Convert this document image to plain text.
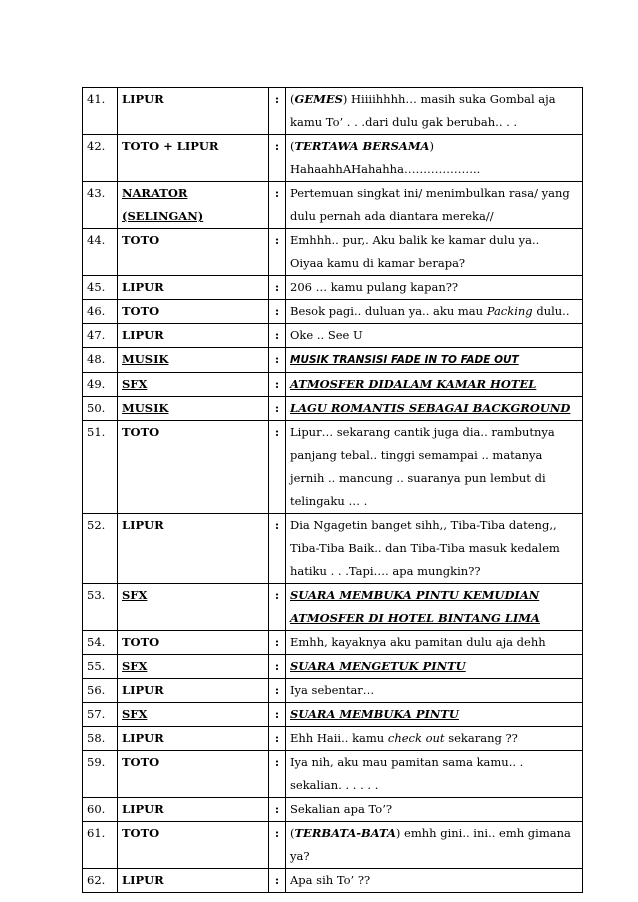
41.	LIPUR	:	(GEMES) Hiiiihhhh… masih suka Gombal aja kamu To’ . . .dari dulu gak berubah.. . .
42.	TOTO + LIPUR	:	(TERTAWA BERSAMA) HahaahhAHahahha………………..
43.	NARATOR (SELINGAN)	:	Pertemuan singkat ini/ menimbulkan rasa/ yang dulu pernah ada diantara mereka//
44.	TOTO	:	Emhhh.. pur,. Aku balik ke kamar dulu ya..
Oiyaa kamu di kamar berapa?
45.	LIPUR	:	206 … kamu pulang kapan??
46.	TOTO	:	Besok pagi.. duluan ya.. aku mau Packing dulu..
47.	LIPUR	:	Oke .. See U
48.	MUSIK	:	MUSIK TRANSISI FADE IN TO FADE OUT
49.	SFX	:	ATMOSFER DIDALAM KAMAR HOTEL
50.	MUSIK	:	LAGU ROMANTIS SEBAGAI BACKGROUND
51.	TOTO	:	Lipur… sekarang cantik juga dia.. rambutnya panjang tebal.. tinggi semampai .. matanya jernih .. mancung .. suaranya pun lembut di telingaku … .
52.	LIPUR	:	Dia Ngagetin banget sihh,, Tiba-Tiba dateng,, Tiba-Tiba Baik.. dan Tiba-Tiba masuk kedalem hatiku . . .Tapi…. apa mungkin??
53.	SFX	:	SUARA MEMBUKA PINTU KEMUDIAN ATMOSFER DI HOTEL BINTANG LIMA
54.	TOTO	:	Emhh, kayaknya aku pamitan dulu aja dehh
55.	SFX	:	SUARA MENGETUK PINTU
56.	LIPUR	:	Iya sebentar…
57.	SFX	:	SUARA MEMBUKA PINTU
58.	LIPUR	:	Ehh Haii.. kamu check out sekarang ??
59.	TOTO	:	Iya nih, aku mau pamitan sama kamu.. . sekalian. . . . . .
60.	LIPUR	:	Sekalian apa To’?
61.	TOTO	:	(TERBATA-BATA) emhh gini.. ini.. emh gimana ya?
62.	LIPUR	:	Apa sih To’ ??
